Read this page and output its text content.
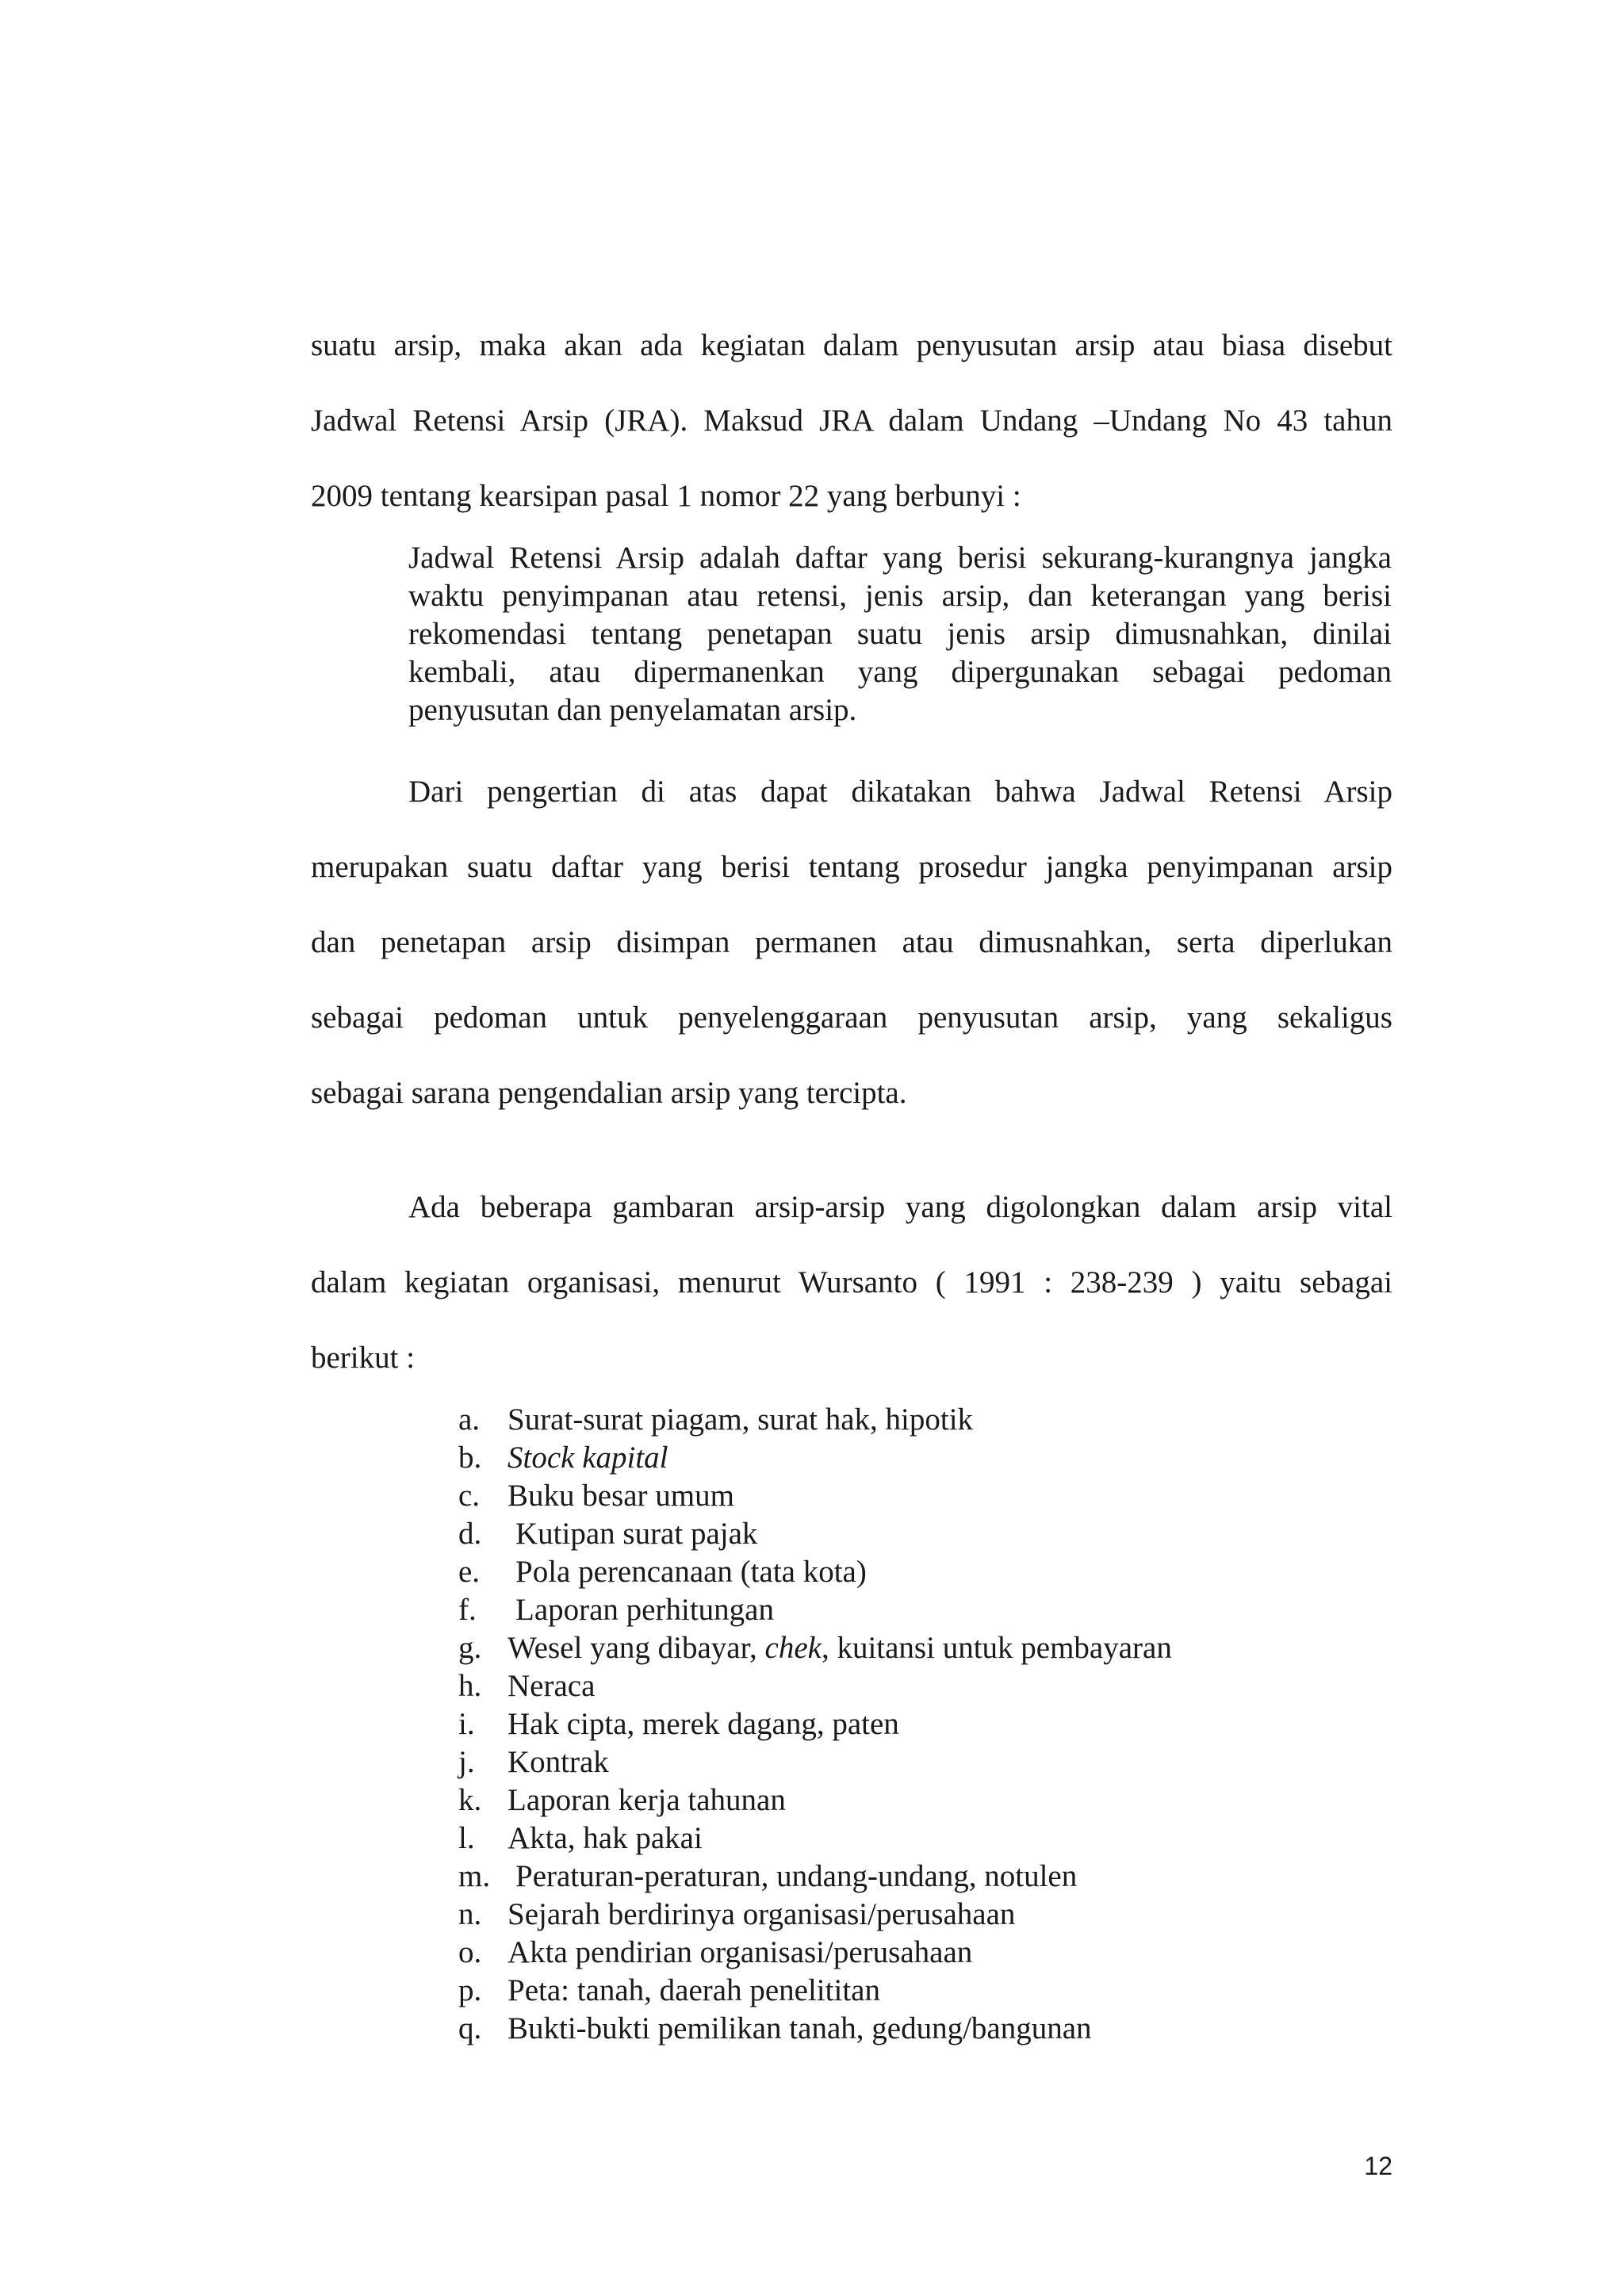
suatu arsip, maka akan ada kegiatan dalam penyusutan arsip atau biasa disebut
Jadwal Retensi Arsip (JRA). Maksud JRA dalam Undang –Undang No 43 tahun
2009 tentang kearsipan pasal 1 nomor 22 yang berbunyi :
Jadwal Retensi Arsip adalah daftar yang berisi sekurang-kurangnya jangka
waktu penyimpanan atau retensi, jenis arsip, dan keterangan yang berisi
rekomendasi tentang penetapan suatu jenis arsip dimusnahkan, dinilai
kembali, atau dipermanenkan yang dipergunakan sebagai pedoman
penyusutan dan penyelamatan arsip.
Dari pengertian di atas dapat dikatakan bahwa Jadwal Retensi Arsip
merupakan suatu daftar yang berisi tentang prosedur jangka penyimpanan arsip
dan penetapan arsip disimpan permanen atau dimusnahkan, serta diperlukan
sebagai pedoman untuk penyelenggaraan penyusutan arsip, yang sekaligus
sebagai sarana pengendalian arsip yang tercipta.
Ada beberapa gambaran arsip-arsip yang digolongkan dalam arsip vital
dalam kegiatan organisasi, menurut Wursanto ( 1991 : 238-239 ) yaitu sebagai
berikut :
a. Surat-surat piagam, surat hak, hipotik
b. Stock kapital
c. Buku besar umum
d. Kutipan surat pajak
e. Pola perencanaan (tata kota)
f. Laporan perhitungan
g. Wesel yang dibayar, chek, kuitansi untuk pembayaran
h. Neraca
i. Hak cipta, merek dagang, paten
j. Kontrak
k. Laporan kerja tahunan
l. Akta, hak pakai
m. Peraturan-peraturan, undang-undang, notulen
n. Sejarah berdirinya organisasi/perusahaan
o. Akta pendirian organisasi/perusahaan
p. Peta: tanah, daerah penelititan
q. Bukti-bukti pemilikan tanah, gedung/bangunan
12
